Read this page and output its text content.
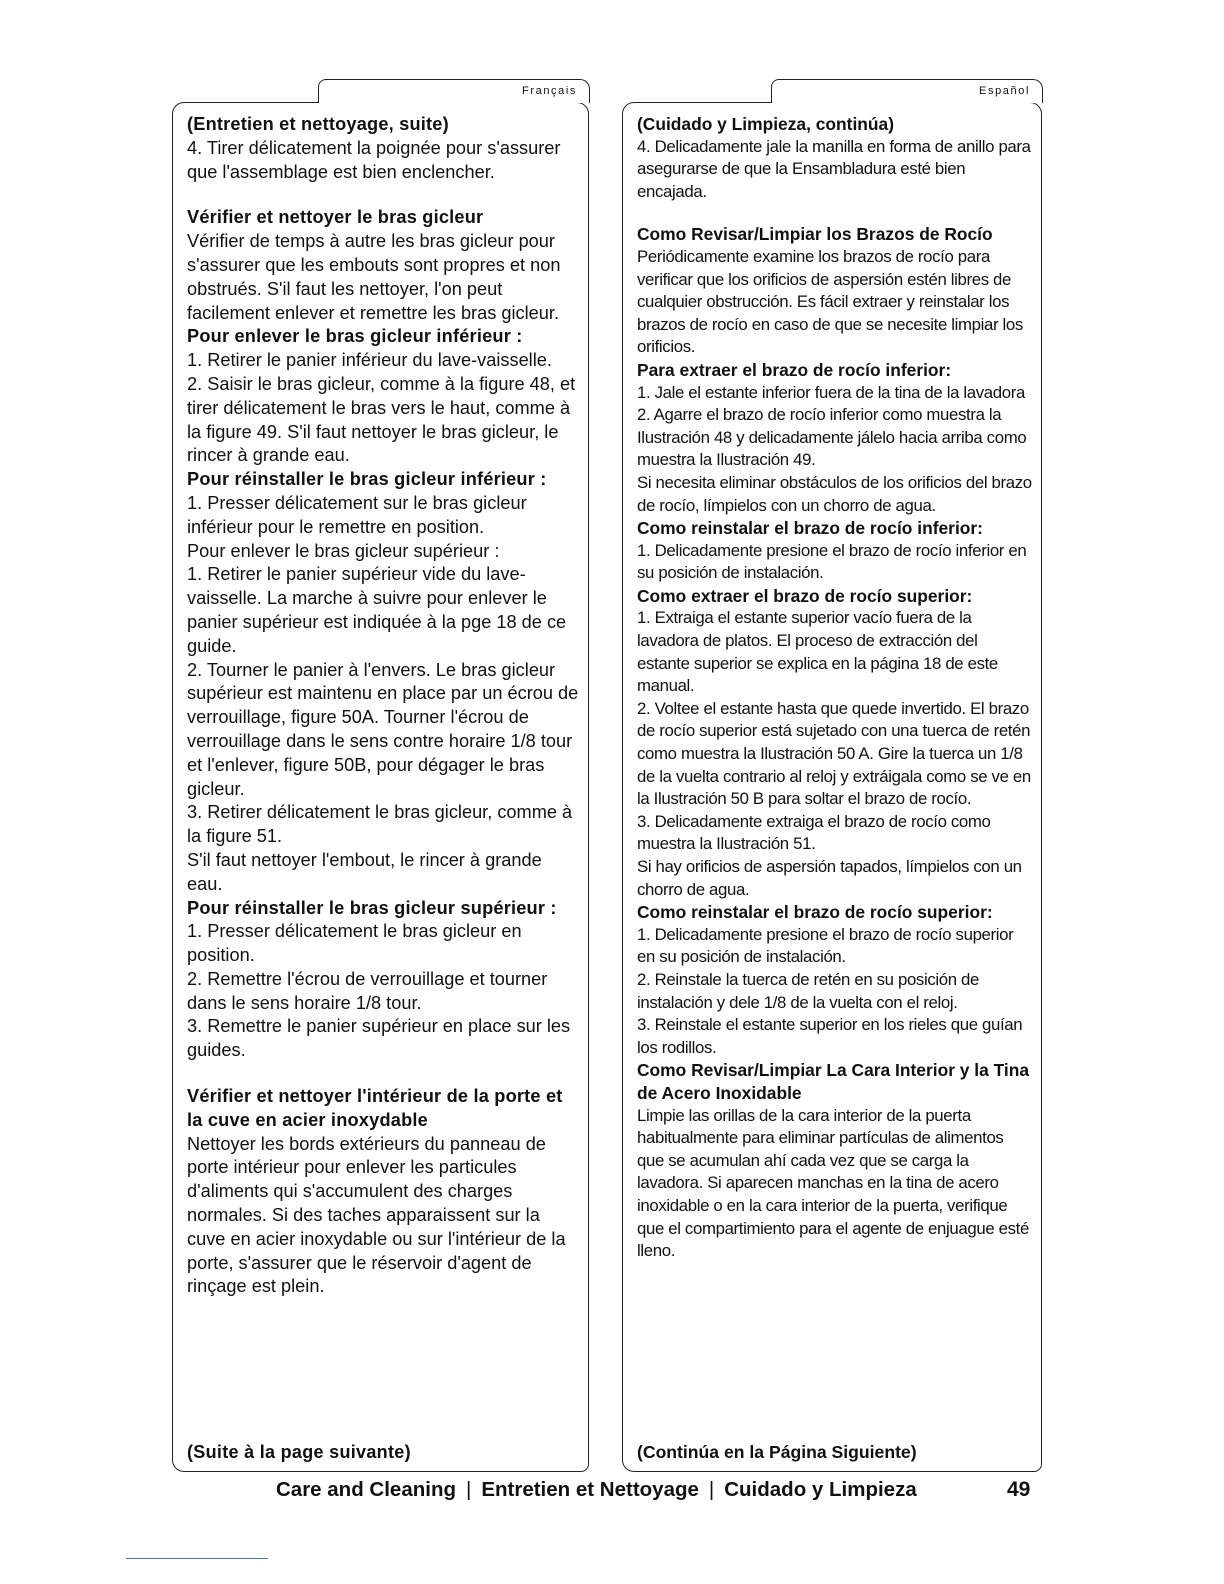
Français
(Entretien et nettoyage, suite)
4. Tirer délicatement la poignée pour s'assurer que l'assemblage est bien enclencher.
Vérifier et nettoyer le bras gicleur
Vérifier de temps à autre les bras gicleur pour s'assurer que les embouts sont propres et non obstrués. S'il faut les nettoyer, l'on peut facilement enlever et remettre les bras gicleur.
Pour enlever le bras gicleur inférieur :
1. Retirer le panier inférieur du lave-vaisselle.
2. Saisir le bras gicleur, comme à la figure 48, et tirer délicatement le bras vers le haut, comme à la figure 49. S'il faut nettoyer le bras gicleur, le rincer à grande eau.
Pour réinstaller le bras gicleur inférieur :
1. Presser délicatement sur le bras gicleur inférieur pour le remettre en position.
Pour enlever le bras gicleur supérieur :
1. Retirer le panier supérieur vide du lave-vaisselle. La marche à suivre pour enlever le panier supérieur est indiquée à la pge 18 de ce guide.
2. Tourner le panier à l'envers. Le bras gicleur supérieur est maintenu en place par un écrou de verrouillage, figure 50A. Tourner l'écrou de verrouillage dans le sens contre horaire 1/8 tour et l'enlever, figure 50B, pour dégager le bras gicleur.
3. Retirer délicatement le bras gicleur, comme à la figure 51.
S'il faut nettoyer l'embout, le rincer à grande eau.
Pour réinstaller le bras gicleur supérieur :
1. Presser délicatement le bras gicleur en position.
2. Remettre l'écrou de verrouillage et tourner dans le sens horaire 1/8 tour.
3. Remettre le panier supérieur en place sur les guides.
Vérifier et nettoyer l'intérieur de la porte et la cuve en acier inoxydable
Nettoyer les bords extérieurs du panneau de porte intérieur pour enlever les particules d'aliments qui s'accumulent des charges normales. Si des taches apparaissent sur la cuve en acier inoxydable ou sur l'intérieur de la porte, s'assurer que le réservoir d'agent de rinçage est plein.
(Suite à la page suivante)
Español
(Cuidado y Limpieza, continúa)
4. Delicadamente jale la manilla en forma de anillo para asegurarse de que la Ensambladura esté bien encajada.
Como Revisar/Limpiar los Brazos de Rocío
Periódicamente examine los brazos de rocío para verificar que los orificios de aspersión estén libres de cualquier obstrucción. Es fácil extraer y reinstalar los brazos de rocío en caso de que se necesite limpiar los orificios.
Para extraer el brazo de rocío inferior:
1. Jale el estante inferior fuera de la tina de la lavadora
2. Agarre el brazo de rocío inferior como muestra la Ilustración 48 y delicadamente jálelo hacia arriba como muestra la Ilustración 49.
Si necesita eliminar obstáculos de los orificios del brazo de rocío, límpielos con un chorro de agua.
Como reinstalar el brazo de rocío inferior:
1. Delicadamente presione el brazo de rocío inferior en su posición de instalación.
Como extraer el brazo de rocío superior:
1. Extraiga el estante superior vacío fuera de la lavadora de platos. El proceso de extracción del estante superior se explica en la página 18 de este manual.
2. Voltee el estante hasta que quede invertido. El brazo de rocío superior está sujetado con una tuerca de retén como muestra la Ilustración 50 A. Gire la tuerca un 1/8 de la vuelta contrario al reloj y extráigala como se ve en la Ilustración 50 B para soltar el brazo de rocío.
3. Delicadamente extraiga el brazo de rocío como muestra la Ilustración 51.
Si hay orificios de aspersión tapados, límpielos con un chorro de agua.
Como reinstalar el brazo de rocío superior:
1. Delicadamente presione el brazo de rocío superior en su posición de instalación.
2. Reinstale la tuerca de retén en su posición de instalación y dele 1/8 de la vuelta con el reloj.
3. Reinstale el estante superior en los rieles que guían los rodillos.
Como Revisar/Limpiar La Cara Interior y la Tina de Acero Inoxidable
Limpie las orillas de la cara interior de la puerta habitualmente para eliminar partículas de alimentos que se acumulan ahí cada vez que se carga la lavadora. Si aparecen manchas en la tina de acero inoxidable o en la cara interior de la puerta, verifique que el compartimiento para el agente de enjuague esté lleno.
(Continúa en la Página Siguiente)
Care and Cleaning | Entretien et Nettoyage | Cuidado y Limpieza	49
